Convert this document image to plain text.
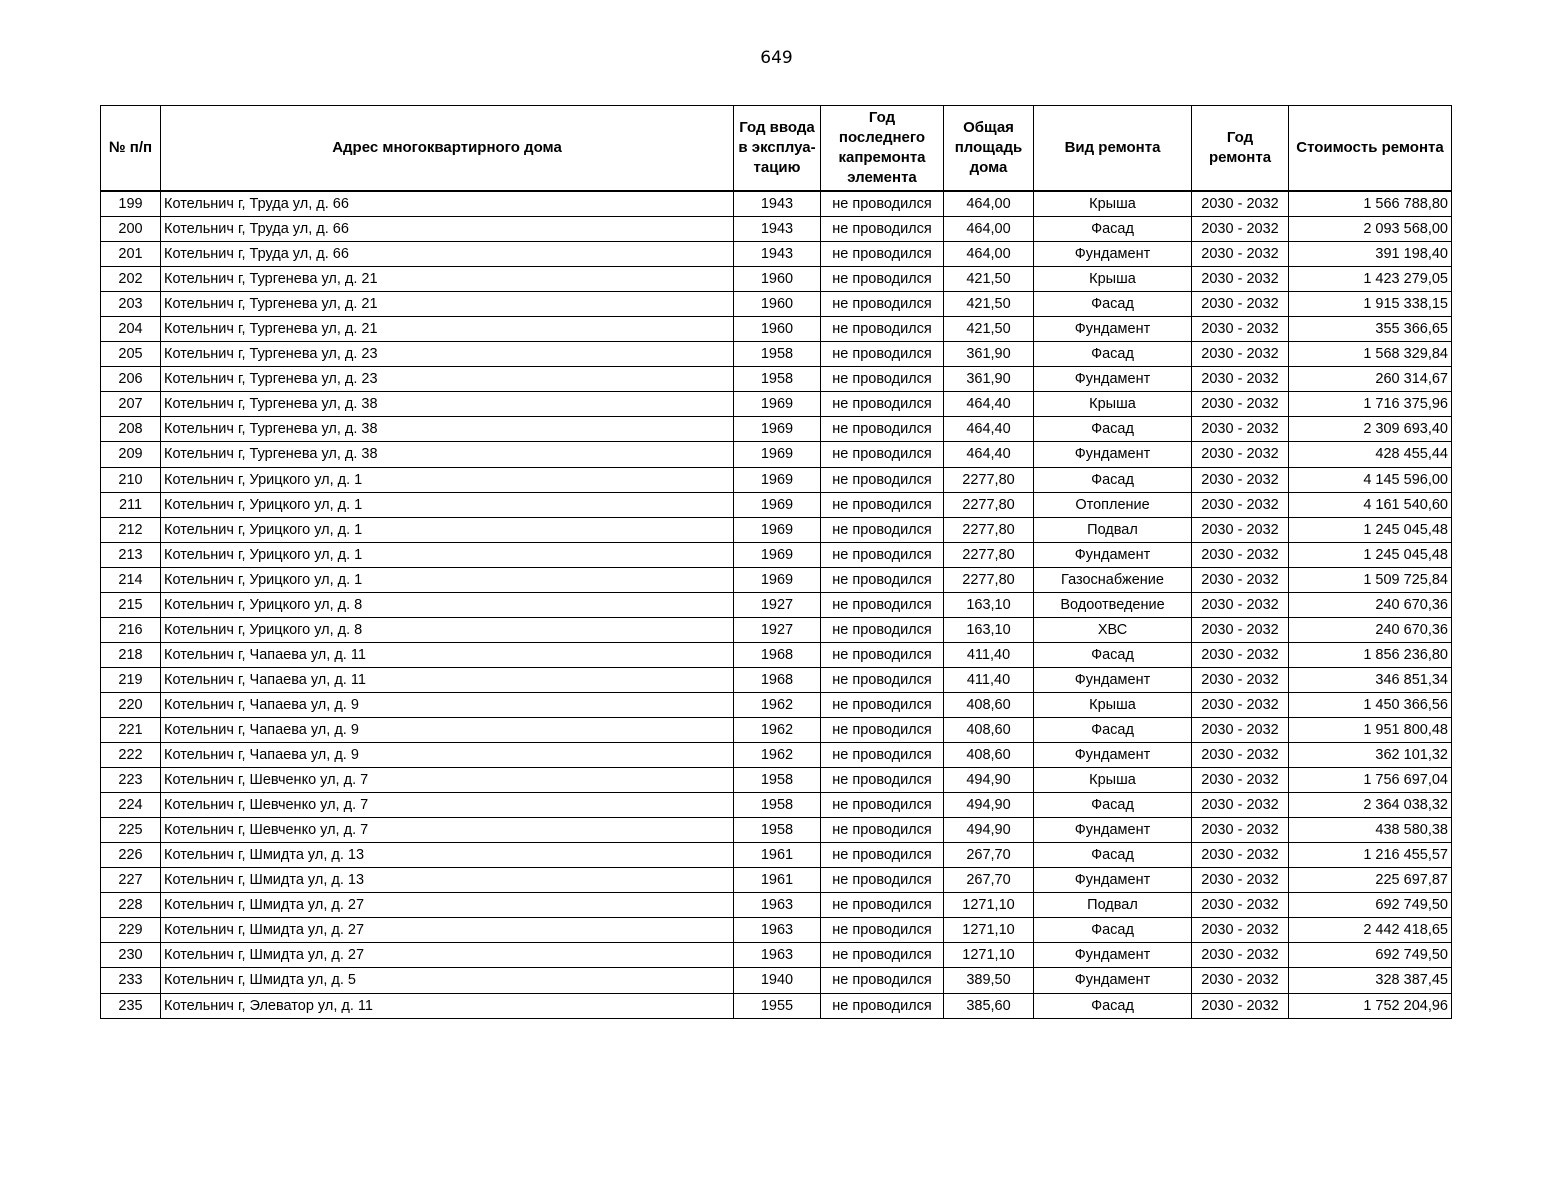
649
№ п/п	Адрес многоквартирного дома	Год ввода в эксплуа-тацию	Год последнего капремонта элемента	Общая площадь дома	Вид ремонта	Год ремонта	Стоимость ремонта
199	Котельнич г, Труда ул, д. 66	1943	не проводился	464,00	Крыша	2030 - 2032	1 566 788,80
200	Котельнич г, Труда ул, д. 66	1943	не проводился	464,00	Фасад	2030 - 2032	2 093 568,00
201	Котельнич г, Труда ул, д. 66	1943	не проводился	464,00	Фундамент	2030 - 2032	391 198,40
202	Котельнич г, Тургенева ул, д. 21	1960	не проводился	421,50	Крыша	2030 - 2032	1 423 279,05
203	Котельнич г, Тургенева ул, д. 21	1960	не проводился	421,50	Фасад	2030 - 2032	1 915 338,15
204	Котельнич г, Тургенева ул, д. 21	1960	не проводился	421,50	Фундамент	2030 - 2032	355 366,65
205	Котельнич г, Тургенева ул, д. 23	1958	не проводился	361,90	Фасад	2030 - 2032	1 568 329,84
206	Котельнич г, Тургенева ул, д. 23	1958	не проводился	361,90	Фундамент	2030 - 2032	260 314,67
207	Котельнич г, Тургенева ул, д. 38	1969	не проводился	464,40	Крыша	2030 - 2032	1 716 375,96
208	Котельнич г, Тургенева ул, д. 38	1969	не проводился	464,40	Фасад	2030 - 2032	2 309 693,40
209	Котельнич г, Тургенева ул, д. 38	1969	не проводился	464,40	Фундамент	2030 - 2032	428 455,44
210	Котельнич г, Урицкого ул, д. 1	1969	не проводился	2277,80	Фасад	2030 - 2032	4 145 596,00
211	Котельнич г, Урицкого ул, д. 1	1969	не проводился	2277,80	Отопление	2030 - 2032	4 161 540,60
212	Котельнич г, Урицкого ул, д. 1	1969	не проводился	2277,80	Подвал	2030 - 2032	1 245 045,48
213	Котельнич г, Урицкого ул, д. 1	1969	не проводился	2277,80	Фундамент	2030 - 2032	1 245 045,48
214	Котельнич г, Урицкого ул, д. 1	1969	не проводился	2277,80	Газоснабжение	2030 - 2032	1 509 725,84
215	Котельнич г, Урицкого ул, д. 8	1927	не проводился	163,10	Водоотведение	2030 - 2032	240 670,36
216	Котельнич г, Урицкого ул, д. 8	1927	не проводился	163,10	ХВС	2030 - 2032	240 670,36
218	Котельнич г, Чапаева ул, д. 11	1968	не проводился	411,40	Фасад	2030 - 2032	1 856 236,80
219	Котельнич г, Чапаева ул, д. 11	1968	не проводился	411,40	Фундамент	2030 - 2032	346 851,34
220	Котельнич г, Чапаева ул, д. 9	1962	не проводился	408,60	Крыша	2030 - 2032	1 450 366,56
221	Котельнич г, Чапаева ул, д. 9	1962	не проводился	408,60	Фасад	2030 - 2032	1 951 800,48
222	Котельнич г, Чапаева ул, д. 9	1962	не проводился	408,60	Фундамент	2030 - 2032	362 101,32
223	Котельнич г, Шевченко ул, д. 7	1958	не проводился	494,90	Крыша	2030 - 2032	1 756 697,04
224	Котельнич г, Шевченко ул, д. 7	1958	не проводился	494,90	Фасад	2030 - 2032	2 364 038,32
225	Котельнич г, Шевченко ул, д. 7	1958	не проводился	494,90	Фундамент	2030 - 2032	438 580,38
226	Котельнич г, Шмидта ул, д. 13	1961	не проводился	267,70	Фасад	2030 - 2032	1 216 455,57
227	Котельнич г, Шмидта ул, д. 13	1961	не проводился	267,70	Фундамент	2030 - 2032	225 697,87
228	Котельнич г, Шмидта ул, д. 27	1963	не проводился	1271,10	Подвал	2030 - 2032	692 749,50
229	Котельнич г, Шмидта ул, д. 27	1963	не проводился	1271,10	Фасад	2030 - 2032	2 442 418,65
230	Котельнич г, Шмидта ул, д. 27	1963	не проводился	1271,10	Фундамент	2030 - 2032	692 749,50
233	Котельнич г, Шмидта ул, д. 5	1940	не проводился	389,50	Фундамент	2030 - 2032	328 387,45
235	Котельнич г, Элеватор ул, д. 11	1955	не проводился	385,60	Фасад	2030 - 2032	1 752 204,96
